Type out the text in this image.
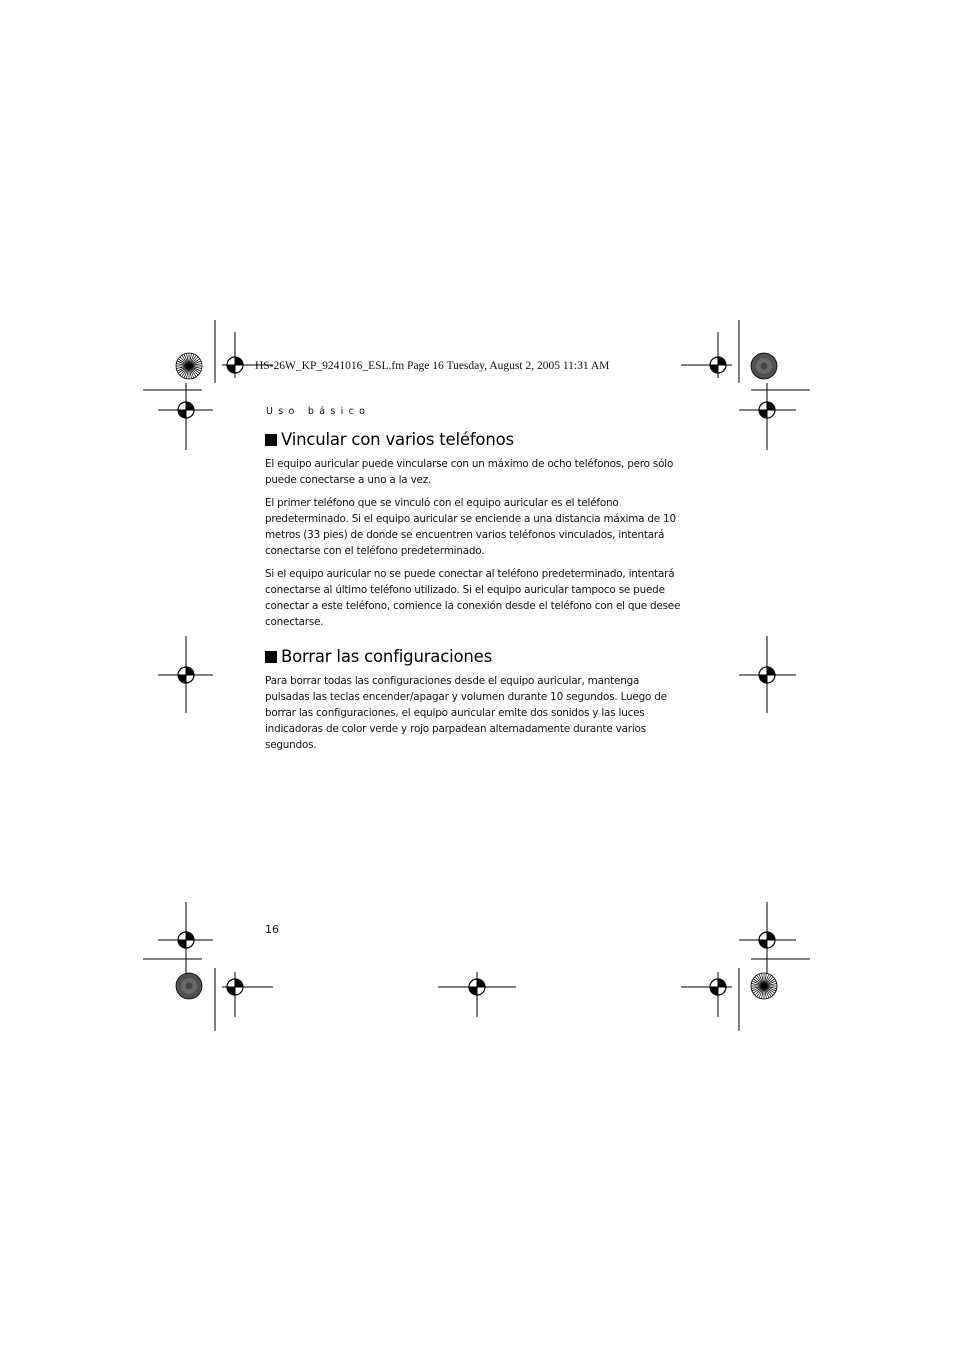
HS-26W_KP_9241016_ESL.fm Page 16 Tuesday, August 2, 2005 11:31 AM
Uso básico
Vincular con varios teléfonos

El equipo auricular puede vincularse con un máximo de ocho teléfonos, pero sólo puede conectarse a uno a la vez.

El primer teléfono que se vinculó con el equipo auricular es el teléfono predeterminado. Si el equipo auricular se enciende a una distancia máxima de 10 metros (33 pies) de donde se encuentren varios teléfonos vinculados, intentará conectarse con el teléfono predeterminado.

Si el equipo auricular no se puede conectar al teléfono predeterminado, intentará conectarse al último teléfono utilizado. Si el equipo auricular tampoco se puede conectar a este teléfono, comience la conexión desde el teléfono con el que desee conectarse.

Borrar las configuraciones

Para borrar todas las configuraciones desde el equipo auricular, mantenga pulsadas las teclas encender/apagar y volumen durante 10 segundos. Luego de borrar las configuraciones, el equipo auricular emite dos sonidos y las luces indicadoras de color verde y rojo parpadean alternadamente durante varios segundos.

16
